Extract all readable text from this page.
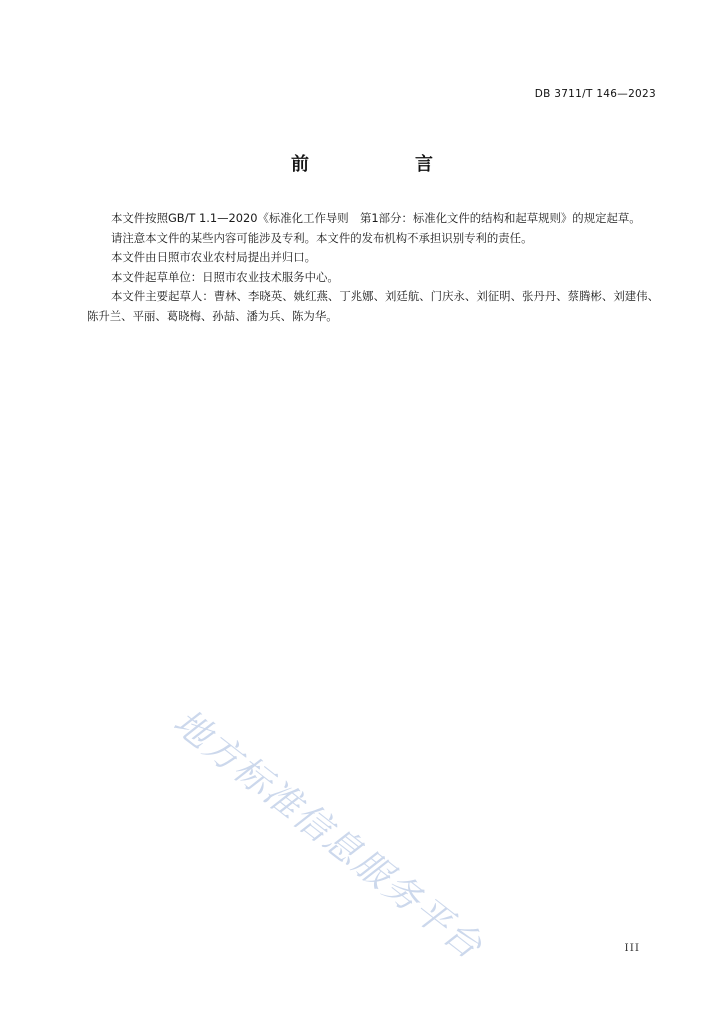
DB 3711/T 146—2023
前　言

本文件按照GB/T 1.1—2020《标准化工作导则　第1部分：标准化文件的结构和起草规则》的规定起草。

请注意本文件的某些内容可能涉及专利。本文件的发布机构不承担识别专利的责任。

本文件由日照市农业农村局提出并归口。

本文件起草单位：日照市农业技术服务中心。

本文件主要起草人：曹林、李晓英、姚红燕、丁兆娜、刘廷航、门庆永、刘征明、张丹丹、蔡腾彬、刘建伟、陈升兰、平丽、葛晓梅、孙喆、潘为兵、陈为华。

地方标准信息服务平台	III
